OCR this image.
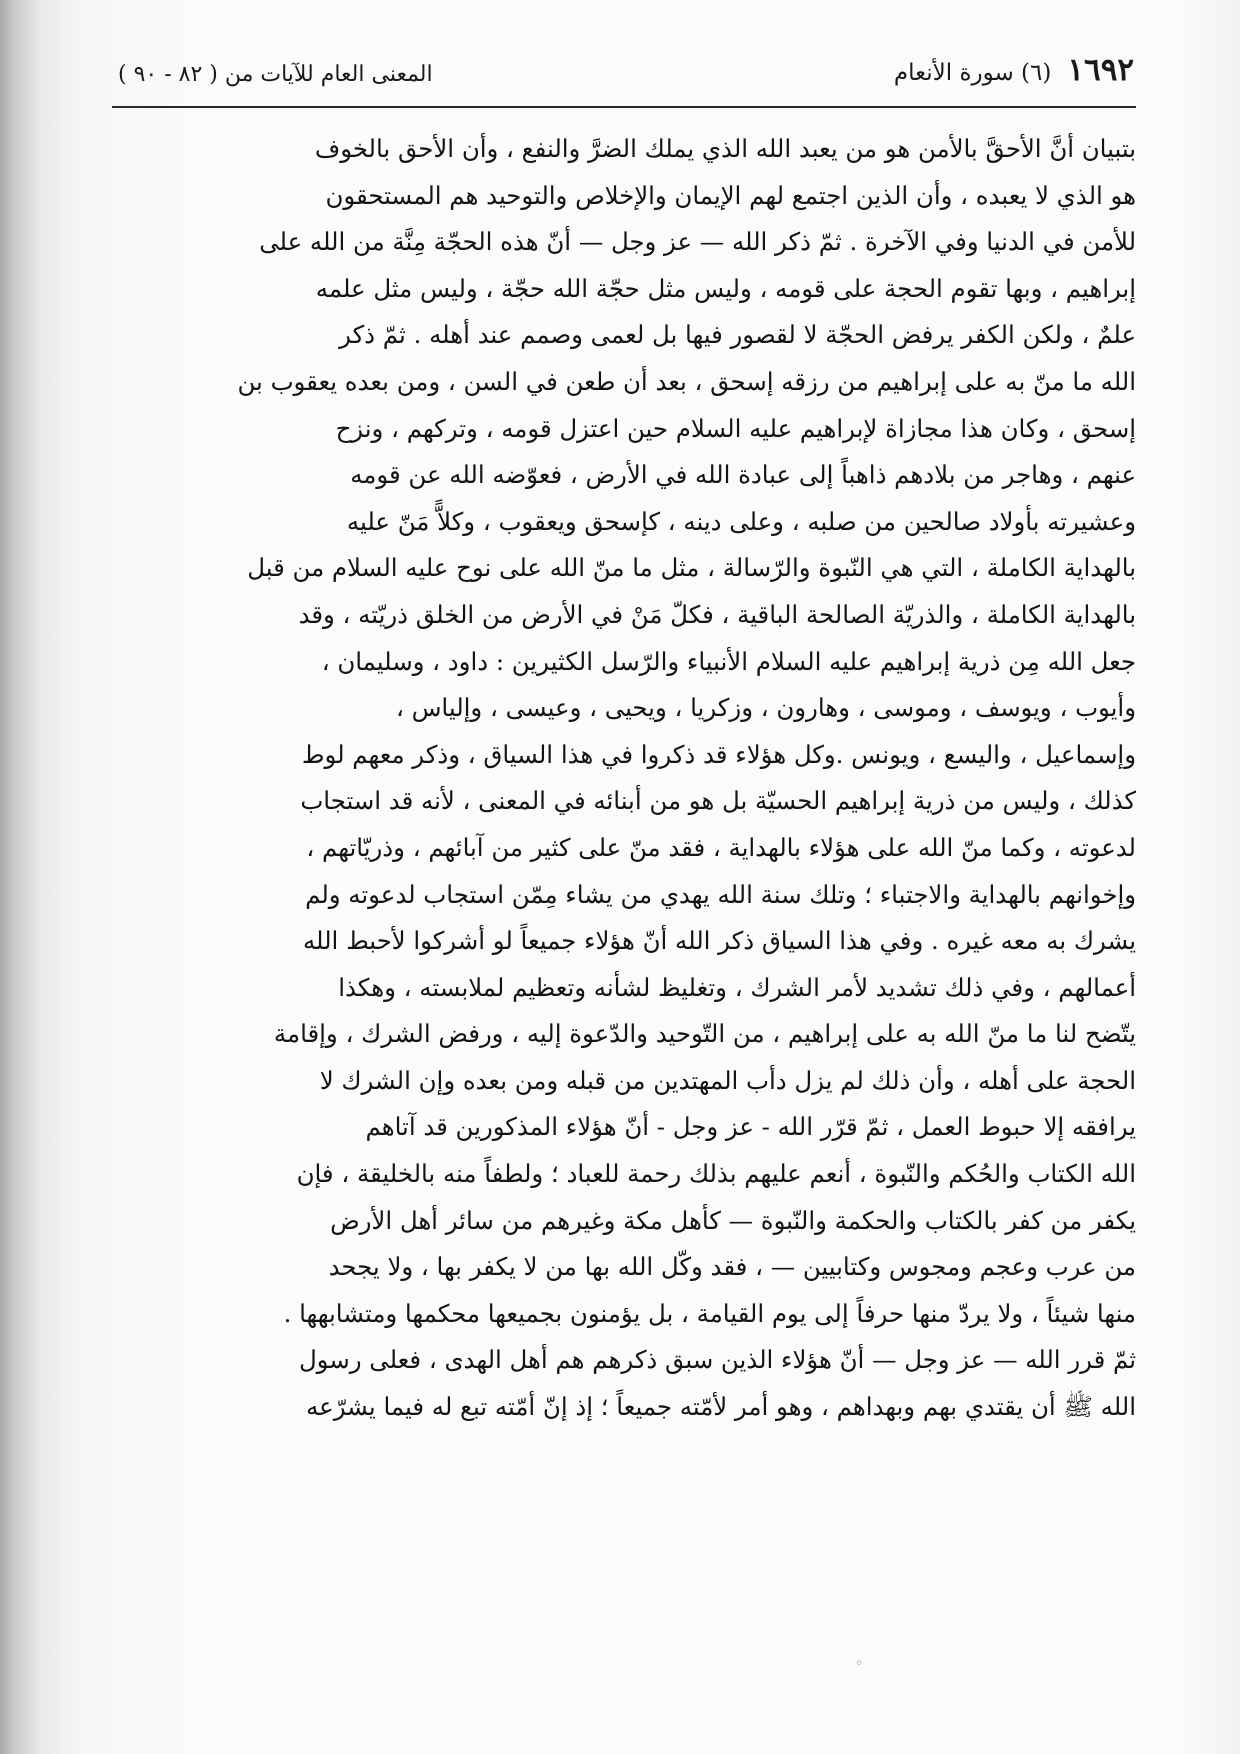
١٦٩٢
(٦) سورة الأنعام
المعنى العام للآيات من ( ٨٢ - ٩٠ )
بتبيان أنَّ الأحقَّ بالأمن هو من يعبد الله الذي يملك الضرَّ والنفع ، وأن الأحق بالخوف
هو الذي لا يعبده ، وأن الذين اجتمع لهم الإيمان والإخلاص والتوحيد هم المستحقون
للأمن في الدنيا وفي الآخرة . ثمّ ذكر الله — عز وجل — أنّ هذه الحجّة مِنَّة من الله على
إبراهيم ، وبها تقوم الحجة على قومه ، وليس مثل حجّة الله حجّة ، وليس مثل علمه
علمٌ ، ولكن الكفر يرفض الحجّة لا لقصور فيها بل لعمى وصمم عند أهله . ثمّ ذكر
الله ما منّ به على إبراهيم من رزقه إسحق ، بعد أن طعن في السن ، ومن بعده يعقوب بن
إسحق ، وكان هذا مجازاة لإبراهيم عليه السلام حين اعتزل قومه ، وتركهم ، ونزح
عنهم ، وهاجر من بلادهم ذاهباً إلى عبادة الله في الأرض ، فعوّضه الله عن قومه
وعشيرته بأولاد صالحين من صلبه ، وعلى دينه ، كإسحق ويعقوب ، وكلاًّ مَنّ عليه
بالهداية الكاملة ، التي هي النّبوة والرّسالة ، مثل ما منّ الله على نوح عليه السلام من قبل
بالهداية الكاملة ، والذريّة الصالحة الباقية ، فكلّ مَنْ في الأرض من الخلق ذريّته ، وقد
جعل الله مِن ذرية إبراهيم عليه السلام الأنبياء والرّسل الكثيرين : داود ، وسليمان ،
وأيوب ، ويوسف ، وموسى ، وهارون ، وزكريا ، ويحيى ، وعيسى ، وإلياس ،
وإسماعيل ، واليسع ، ويونس .وكل هؤلاء قد ذكروا في هذا السياق ، وذكر معهم لوط
كذلك ، وليس من ذرية إبراهيم الحسيّة بل هو من أبنائه في المعنى ، لأنه قد استجاب
لدعوته ، وكما منّ الله على هؤلاء بالهداية ، فقد منّ على كثير من آبائهم ، وذريّاتهم ،
وإخوانهم بالهداية والاجتباء ؛ وتلك سنة الله يهدي من يشاء مِمّن استجاب لدعوته ولم
يشرك به معه غيره . وفي هذا السياق ذكر الله أنّ هؤلاء جميعاً لو أشركوا لأحبط الله
أعمالهم ، وفي ذلك تشديد لأمر الشرك ، وتغليظ لشأنه وتعظيم لملابسته ، وهكذا
يتّضح لنا ما منّ الله به على إبراهيم ، من التّوحيد والدّعوة إليه ، ورفض الشرك ، وإقامة
الحجة على أهله ، وأن ذلك لم يزل دأب المهتدين من قبله ومن بعده وإن الشرك لا
يرافقه إلا حبوط العمل ، ثمّ قرّر الله - عز وجل - أنّ هؤلاء المذكورين قد آتاهم
الله الكتاب والحُكم والنّبوة ، أنعم عليهم بذلك رحمة للعباد ؛ ولطفاً منه بالخليقة ، فإن
يكفر من كفر بالكتاب والحكمة والنّبوة — كأهل مكة وغيرهم من سائر أهل الأرض
من عرب وعجم ومجوس وكتابيين — ، فقد وكّل الله بها من لا يكفر بها ، ولا يجحد
منها شيئاً ، ولا يردّ منها حرفاً إلى يوم القيامة ، بل يؤمنون بجميعها محكمها ومتشابهها .
ثمّ قرر الله — عز وجل — أنّ هؤلاء الذين سبق ذكرهم هم أهل الهدى ، فعلى رسول
الله ﷺ أن يقتدي بهم وبهداهم ، وهو أمر لأمّته جميعاً ؛ إذ إنّ أمّته تبع له فيما يشرّعه
◦
